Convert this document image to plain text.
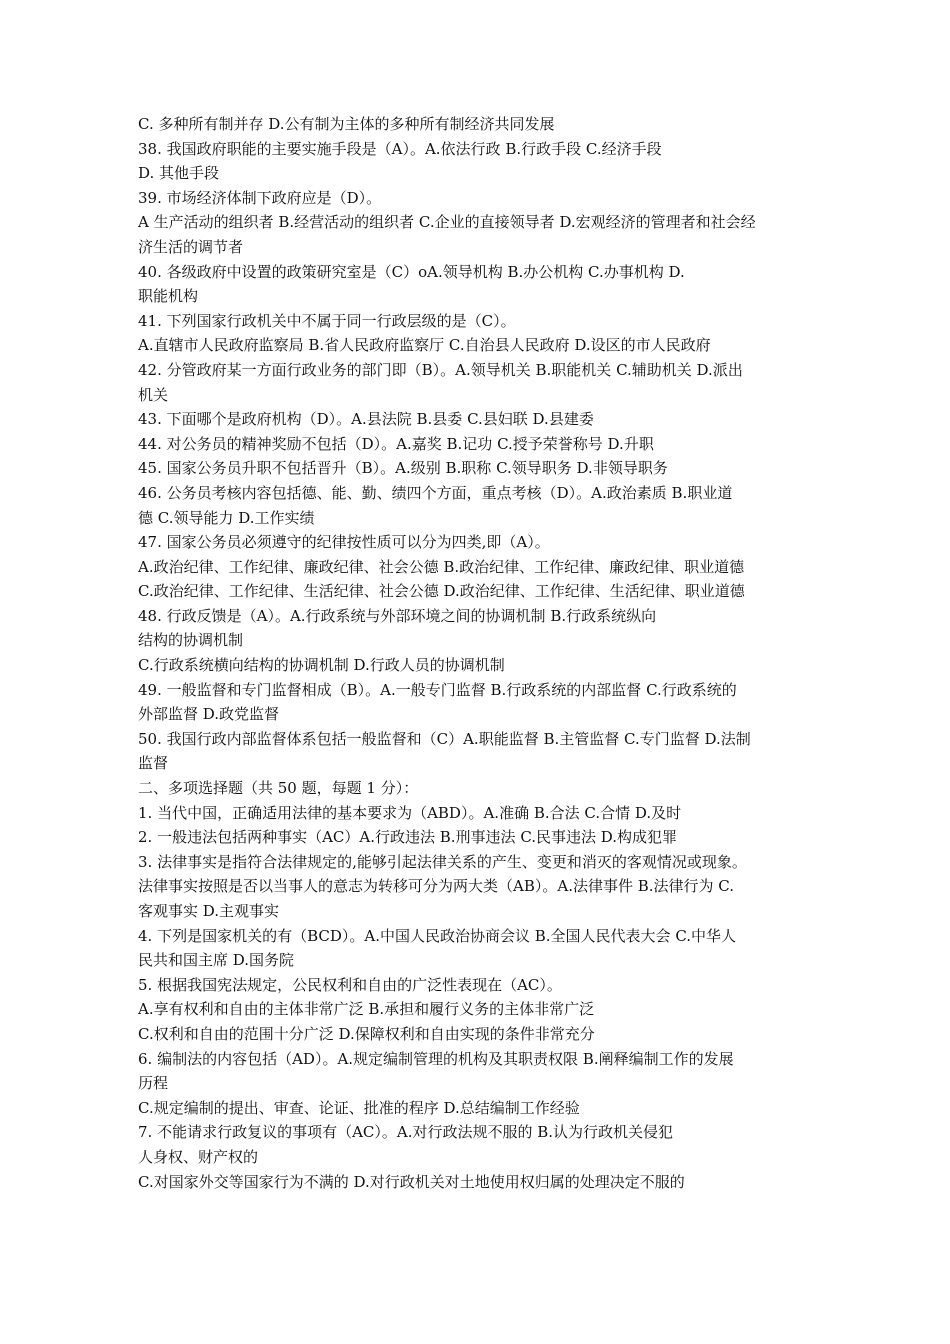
C. 多种所有制并存 D.公有制为主体的多种所有制经济共同发展
38. 我国政府职能的主要实施手段是（A）。A.依法行政 B.行政手段 C.经济手段
D. 其他手段
39. 市场经济体制下政府应是（D）。
A 生产活动的组织者 B.经营活动的组织者 C.企业的直接领导者 D.宏观经济的管理者和社会经
济生活的调节者
40. 各级政府中设置的政策研究室是（C）oA.领导机构 B.办公机构 C.办事机构 D.
职能机构
41. 下列国家行政机关中不属于同一行政层级的是（C）。
A.直辖市人民政府监察局 B.省人民政府监察厅 C.自治县人民政府 D.设区的市人民政府
42. 分管政府某一方面行政业务的部门即（B）。A.领导机关 B.职能机关 C.辅助机关 D.派出
机关
43. 下面哪个是政府机构（D）。A.县法院 B.县委 C.县妇联 D.县建委
44. 对公务员的精神奖励不包括（D）。A.嘉奖 B.记功 C.授予荣誉称号 D.升职
45. 国家公务员升职不包括晋升（B）。A.级别 B.职称 C.领导职务 D.非领导职务
46. 公务员考核内容包括德、能、勤、绩四个方面，重点考核（D）。A.政治素质 B.职业道
德 C.领导能力 D.工作实绩
47. 国家公务员必须遵守的纪律按性质可以分为四类,即（A）。
A.政治纪律、工作纪律、廉政纪律、社会公德 B.政治纪律、工作纪律、廉政纪律、职业道德
C.政治纪律、工作纪律、生活纪律、社会公德 D.政治纪律、工作纪律、生活纪律、职业道德
48. 行政反馈是（A）。A.行政系统与外部环境之间的协调机制 B.行政系统纵向
结构的协调机制
C.行政系统横向结构的协调机制 D.行政人员的协调机制
49. 一般监督和专门监督相成（B）。A.一般专门监督 B.行政系统的内部监督 C.行政系统的
外部监督 D.政党监督
50. 我国行政内部监督体系包括一般监督和（C）A.职能监督 B.主管监督 C.专门监督 D.法制
监督
二、多项选择题（共 50 题，每题 1 分）：
1. 当代中国，正确适用法律的基本要求为（ABD）。A.准确 B.合法 C.合情 D.及时
2. 一般违法包括两种事实（AC）A.行政违法 B.刑事违法 C.民事违法 D.构成犯罪
3. 法律事实是指符合法律规定的,能够引起法律关系的产生、变更和消灭的客观情况或现象。
法律事实按照是否以当事人的意志为转移可分为两大类（AB）。A.法律事件 B.法律行为 C.
客观事实 D.主观事实
4. 下列是国家机关的有（BCD）。A.中国人民政治协商会议 B.全国人民代表大会 C.中华人
民共和国主席 D.国务院
5. 根据我国宪法规定，公民权利和自由的广泛性表现在（AC）。
A.享有权利和自由的主体非常广泛 B.承担和履行义务的主体非常广泛
C.权利和自由的范围十分广泛 D.保障权利和自由实现的条件非常充分
6. 编制法的内容包括（AD）。A.规定编制管理的机构及其职责权限 B.阐释编制工作的发展
历程
C.规定编制的提出、审查、论证、批准的程序 D.总结编制工作经验
7. 不能请求行政复议的事项有（AC）。A.对行政法规不服的 B.认为行政机关侵犯
人身权、财产权的
C.对国家外交等国家行为不满的 D.对行政机关对土地使用权归属的处理决定不服的
